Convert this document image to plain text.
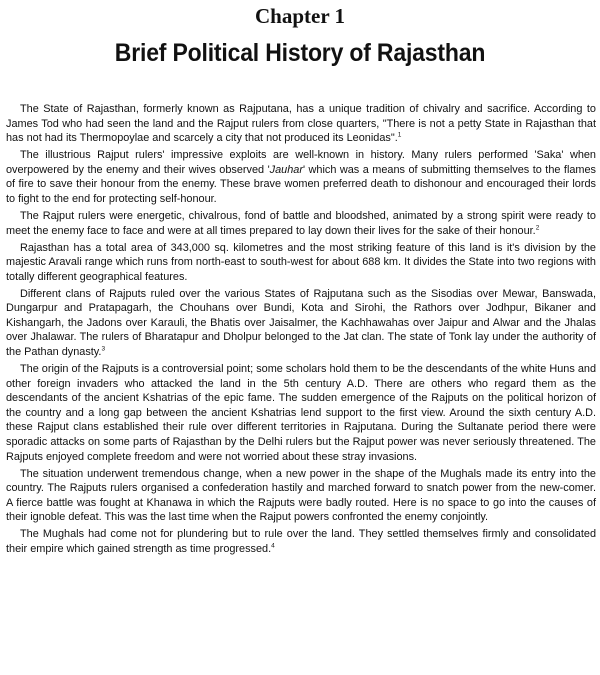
Chapter 1
Brief Political History of Rajasthan

The State of Rajasthan, formerly known as Rajputana, has a unique tradition of chivalry and sacrifice. According to James Tod who had seen the land and the Rajput rulers from close quarters, "There is not a petty State in Rajasthan that has not had its Thermopoylae and scarcely a city that not produced its Leonidas".$^1$

The illustrious Rajput rulers' impressive exploits are well-known in history. Many rulers performed 'Saka' when overpowered by the enemy and their wives observed 'Jauhar' which was a means of submitting themselves to the flames of fire to save their honour from the enemy. These brave women preferred death to dishonour and encouraged their lords to fight to the end for protecting self-honour.

The Rajput rulers were energetic, chivalrous, fond of battle and bloodshed, animated by a strong spirit were ready to meet the enemy face to face and were at all times prepared to lay down their lives for the sake of their honour.$^2$

Rajasthan has a total area of 343,000 sq. kilometres and the most striking feature of this land is it's division by the majestic Aravali range which runs from north-east to south-west for about 688 km. It divides the State into two regions with totally different geographical features.

Different clans of Rajputs ruled over the various States of Rajputana such as the Sisodias over Mewar, Banswada, Dungarpur and Pratapagarh, the Chouhans over Bundi, Kota and Sirohi, the Rathors over Jodhpur, Bikaner and Kishangarh, the Jadons over Karauli, the Bhatis over Jaisalmer, the Kachhawahas over Jaipur and Alwar and the Jhalas over Jhalawar. The rulers of Bharatapur and Dholpur belonged to the Jat clan. The state of Tonk lay under the authority of the Pathan dynasty.$^3$

The origin of the Rajputs is a controversial point; some scholars hold them to be the descendants of the white Huns and other foreign invaders who attacked the land in the 5th century A.D. There are others who regard them as the descendants of the ancient Kshatrias of the epic fame. The sudden emergence of the Rajputs on the political horizon of the country and a long gap between the ancient Kshatrias lend support to the first view. Around the sixth century A.D. these Rajput clans established their rule over different territories in Rajputana. During the Sultanate period there were sporadic attacks on some parts of Rajasthan by the Delhi rulers but the Rajput power was never seriously threatened. The Rajputs enjoyed complete freedom and were not worried about these stray invasions.

The situation underwent tremendous change, when a new power in the shape of the Mughals made its entry into the country. The Rajputs rulers organised a confederation hastily and marched forward to snatch power from the new-comer. A fierce battle was fought at Khanawa in which the Rajputs were badly routed. Here is no space to go into the causes of their ignoble defeat. This was the last time when the Rajput powers confronted the enemy conjointly.

The Mughals had come not for plundering but to rule over the land. They settled themselves firmly and consolidated their empire which gained strength as time progressed.$^4$
